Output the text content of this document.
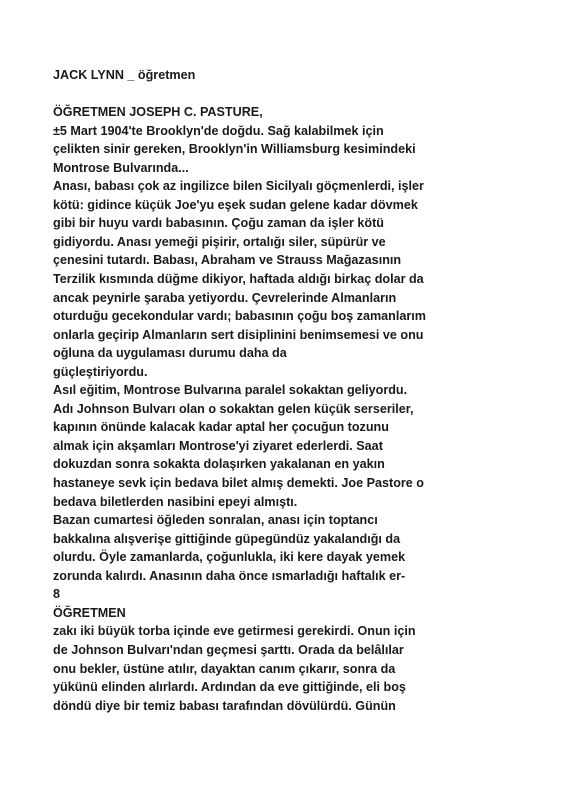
JACK LYNN _ öğretmen
ÖĞRETMEN JOSEPH C. PASTURE,
±5 Mart 1904'te Brooklyn'de doğdu. Sağ kalabilmek için
çelikten sinir gereken, Brooklyn'in Williamsburg kesimindeki
Montrose Bulvarında...
Anası, babası çok az ingilizce bilen Sicilyalı göçmenlerdi, işler
kötü: gidince küçük Joe'yu eşek sudan gelene kadar dövmek
gibi bir huyu vardı babasının. Çoğu zaman da işler kötü
gidiyordu. Anası yemeği pişirir, ortalığı siler, süpürür ve
çenesini tutardı. Babası, Abraham ve Strauss Mağazasının
Terzilik kısmında düğme dikiyor, haftada aldığı birkaç dolar da
ancak peynirle şaraba yetiyordu. Çevrelerinde Almanların
oturduğu gecekondular vardı; babasının çoğu boş zamanlarım
onlarla geçirip Almanların sert disiplinini benimsemesi ve onu
oğluna da uygulaması durumu daha da
güçleştiriyordu.
Asıl eğitim, Montrose Bulvarına paralel sokaktan geliyordu.
Adı Johnson Bulvarı olan o sokaktan gelen küçük serseriler,
kapının önünde kalacak kadar aptal her çocuğun tozunu
almak için akşamları Montrose'yi ziyaret ederlerdi. Saat
dokuzdan sonra sokakta dolaşırken yakalanan en yakın
hastaneye sevk için bedava bilet almış demekti. Joe Pastore o
bedava biletlerden nasibini epeyi almıştı.
Bazan cumartesi öğleden sonralan, anası için toptancı
bakkalına alışverişe gittiğinde güpegündüz yakalandığı da
olurdu. Öyle zamanlarda, çoğunlukla, iki kere dayak yemek
zorunda kalırdı. Anasının daha önce ısmarladığı haftalık er-
8
ÖĞRETMEN
zakı iki büyük torba içinde eve getirmesi gerekirdi. Onun için
de Johnson Bulvarı'ndan geçmesi şarttı. Orada da belâlılar
onu bekler, üstüne atılır, dayaktan canım çıkarır, sonra da
yükünü elinden alırlardı. Ardından da eve gittiğinde, eli boş
döndü diye bir temiz babası tarafından dövülürdü. Günün
